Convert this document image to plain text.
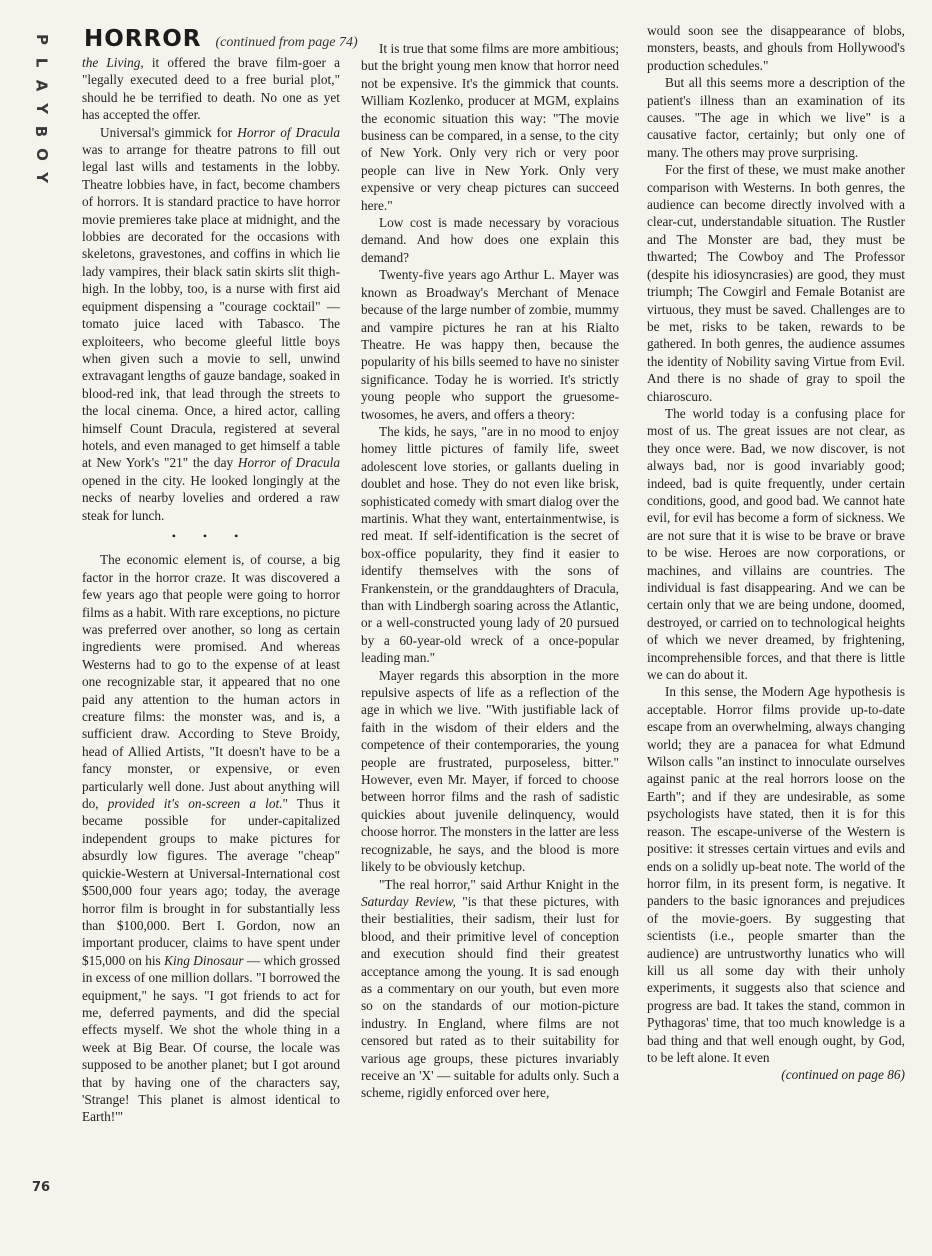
P
L
A
Y
B
O
Y
HORROR (continued from page 74)

the Living, it offered the brave film-goer a "legally executed deed to a free burial plot," should he be terrified to death. No one as yet has accepted the offer.

Universal's gimmick for Horror of Dracula was to arrange for theatre patrons to fill out legal last wills and testaments in the lobby. Theatre lobbies have, in fact, become chambers of horrors. It is standard practice to have horror movie premieres take place at midnight, and the lobbies are decorated for the occasions with skeletons, gravestones, and coffins in which lie lady vampires, their black satin skirts slit thigh-high. In the lobby, too, is a nurse with first aid equipment dispensing a "courage cocktail" — tomato juice laced with Tabasco. The exploiteers, who become gleeful little boys when given such a movie to sell, unwind extravagant lengths of gauze bandage, soaked in blood-red ink, that lead through the streets to the local cinema. Once, a hired actor, calling himself Count Dracula, registered at several hotels, and even managed to get himself a table at New York's "21" the day Horror of Dracula opened in the city. He looked longingly at the necks of nearby lovelies and ordered a raw steak for lunch.

• • •

The economic element is, of course, a big factor in the horror craze. It was discovered a few years ago that people were going to horror films as a habit. With rare exceptions, no picture was preferred over another, so long as certain ingredients were promised. And whereas Westerns had to go to the expense of at least one recognizable star, it appeared that no one paid any attention to the human actors in creature films: the monster was, and is, a sufficient draw. According to Steve Broidy, head of Allied Artists, "It doesn't have to be a fancy monster, or expensive, or even particularly well done. Just about anything will do, provided it's on-screen a lot." Thus it became possible for under-capitalized independent groups to make pictures for absurdly low figures. The average "cheap" quickie-Western at Universal-International cost $500,000 four years ago; today, the average horror film is brought in for substantially less than $100,000. Bert I. Gordon, now an important producer, claims to have spent under $15,000 on his King Dinosaur — which grossed in excess of one million dollars. "I borrowed the equipment," he says. "I got friends to act for me, deferred payments, and did the special effects myself. We shot the whole thing in a week at Big Bear. Of course, the locale was supposed to be another planet; but I got around that by having one of the characters say, 'Strange! This planet is almost identical to Earth!'"

It is true that some films are more ambitious; but the bright young men know that horror need not be expensive. It's the gimmick that counts. William Kozlenko, producer at MGM, explains the economic situation this way: "The movie business can be compared, in a sense, to the city of New York. Only very rich or very poor people can live in New York. Only very expensive or very cheap pictures can succeed here."

Low cost is made necessary by voracious demand. And how does one explain this demand?

Twenty-five years ago Arthur L. Mayer was known as Broadway's Merchant of Menace because of the large number of zombie, mummy and vampire pictures he ran at his Rialto Theatre. He was happy then, because the popularity of his bills seemed to have no sinister significance. Today he is worried. It's strictly young people who support the gruesome-twosomes, he avers, and offers a theory:

The kids, he says, "are in no mood to enjoy homey little pictures of family life, sweet adolescent love stories, or gallants dueling in doublet and hose. They do not even like brisk, sophisticated comedy with smart dialog over the martinis. What they want, entertainmentwise, is red meat. If self-identification is the secret of box-office popularity, they find it easier to identify themselves with the sons of Frankenstein, or the granddaughters of Dracula, than with Lindbergh soaring across the Atlantic, or a well-constructed young lady of 20 pursued by a 60-year-old wreck of a once-popular leading man."

Mayer regards this absorption in the more repulsive aspects of life as a reflection of the age in which we live. "With justifiable lack of faith in the wisdom of their elders and the competence of their contemporaries, the young people are frustrated, purposeless, bitter." However, even Mr. Mayer, if forced to choose between horror films and the rash of sadistic quickies about juvenile delinquency, would choose horror. The monsters in the latter are less recognizable, he says, and the blood is more likely to be obviously ketchup.

"The real horror," said Arthur Knight in the Saturday Review, "is that these pictures, with their bestialities, their sadism, their lust for blood, and their primitive level of conception and execution should find their greatest acceptance among the young. It is sad enough as a commentary on our youth, but even more so on the standards of our motion-picture industry. In England, where films are not censored but rated as to their suitability for various age groups, these pictures invariably receive an 'X' — suitable for adults only. Such a scheme, rigidly enforced over here,

would soon see the disappearance of blobs, monsters, beasts, and ghouls from Hollywood's production schedules."

But all this seems more a description of the patient's illness than an examination of its causes. "The age in which we live" is a causative factor, certainly; but only one of many. The others may prove surprising.

For the first of these, we must make another comparison with Westerns. In both genres, the audience can become directly involved with a clear-cut, understandable situation. The Rustler and The Monster are bad, they must be thwarted; The Cowboy and The Professor (despite his idiosyncrasies) are good, they must triumph; The Cowgirl and Female Botanist are virtuous, they must be saved. Challenges are to be met, risks to be taken, rewards to be gathered. In both genres, the audience assumes the identity of Nobility saving Virtue from Evil. And there is no shade of gray to spoil the chiaroscuro.

The world today is a confusing place for most of us. The great issues are not clear, as they once were. Bad, we now discover, is not always bad, nor is good invariably good; indeed, bad is quite frequently, under certain conditions, good, and good bad. We cannot hate evil, for evil has become a form of sickness. We are not sure that it is wise to be brave or brave to be wise. Heroes are now corporations, or machines, and villains are countries. The individual is fast disappearing. And we can be certain only that we are being undone, doomed, destroyed, or carried on to technological heights of which we never dreamed, by frightening, incomprehensible forces, and that there is little we can do about it.

In this sense, the Modern Age hypothesis is acceptable. Horror films provide up-to-date escape from an overwhelming, always changing world; they are a panacea for what Edmund Wilson calls "an instinct to innoculate ourselves against panic at the real horrors loose on the Earth"; and if they are undesirable, as some psychologists have stated, then it is for this reason. The escape-universe of the Western is positive: it stresses certain virtues and evils and ends on a solidly up-beat note. The world of the horror film, in its present form, is negative. It panders to the basic ignorances and prejudices of the movie-goers. By suggesting that scientists (i.e., people smarter than the audience) are untrustworthy lunatics who will kill us all some day with their unholy experiments, it suggests also that science and progress are bad. It takes the stand, common in Pythagoras' time, that too much knowledge is a bad thing and that well enough ought, by God, to be left alone. It even

(continued on page 86)

76
